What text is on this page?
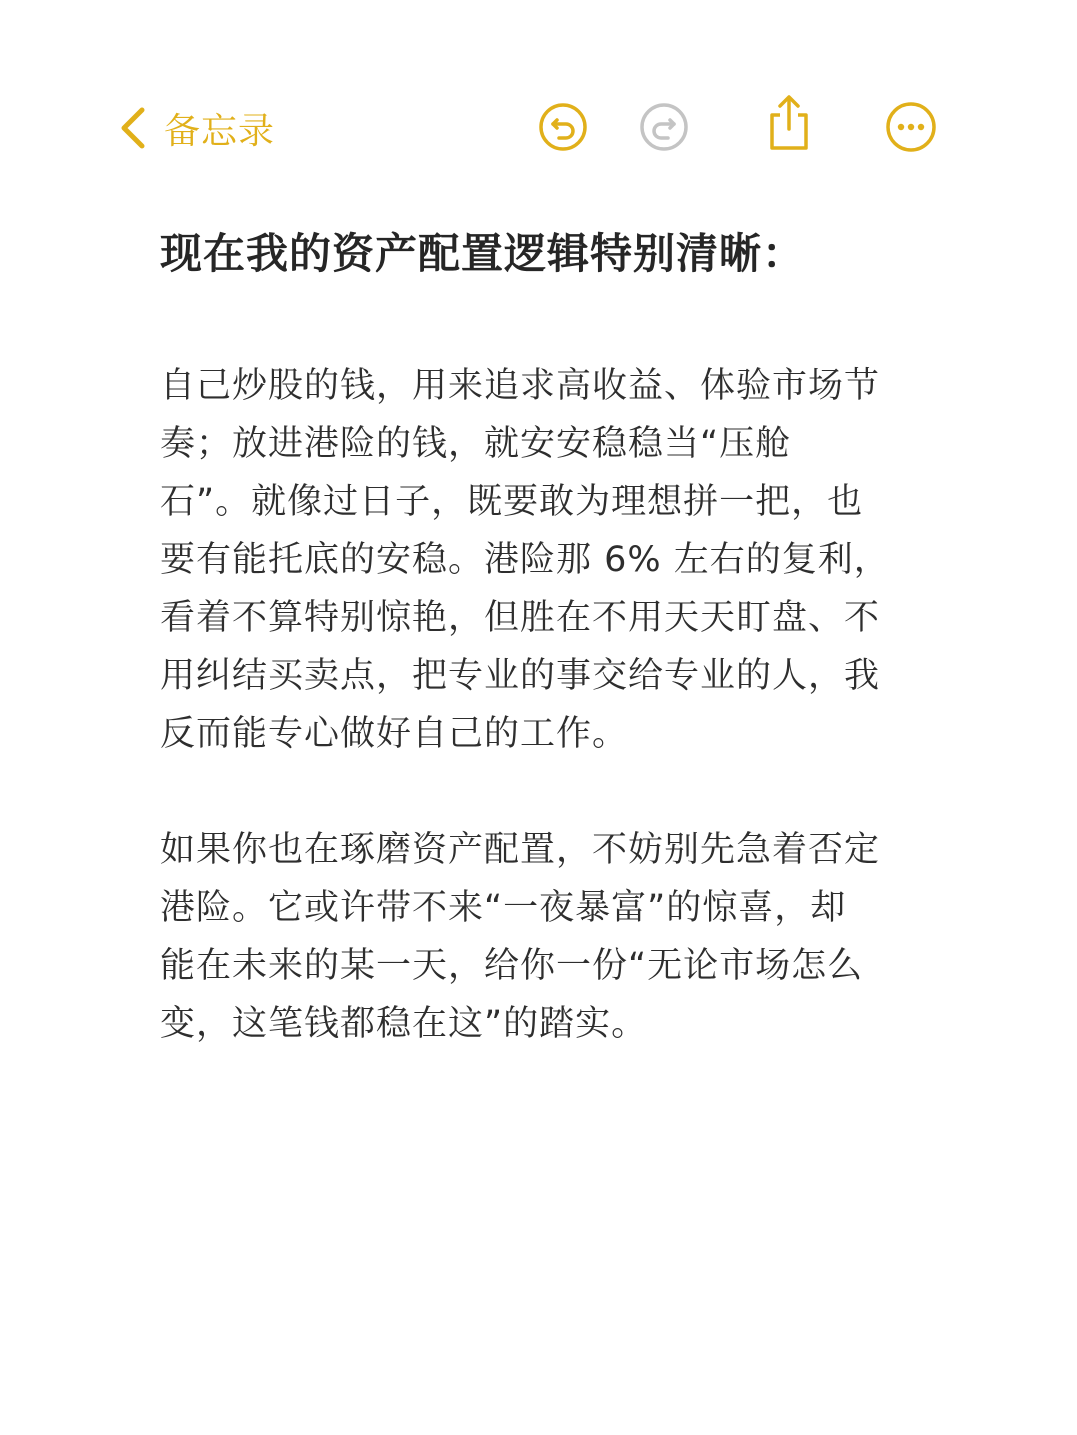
备忘录
现在我的资产配置逻辑特别清晰：
自己炒股的钱，用来追求高收益、体验市场节
奏；放进港险的钱，就安安稳稳当“压舱
石”。就像过日子，既要敢为理想拼一把，也
要有能托底的安稳。港险那 6% 左右的复利，
看着不算特别惊艳，但胜在不用天天盯盘、不
用纠结买卖点，把专业的事交给专业的人，我
反而能专心做好自己的工作。
如果你也在琢磨资产配置，不妨别先急着否定
港险。它或许带不来“一夜暴富”的惊喜，却
能在未来的某一天，给你一份“无论市场怎么
变，这笔钱都稳在这”的踏实。
